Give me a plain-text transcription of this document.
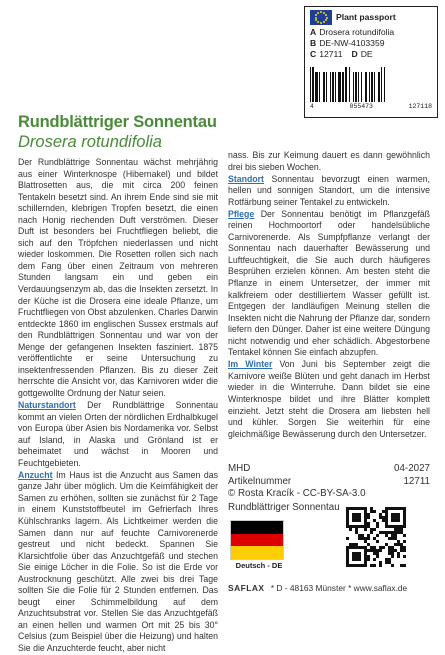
Plant passport
A Drosera rotundifolia
B DE-NW-4103359
C 12711 D DE
4	055473	127118
Rundblättriger Sonnentau
Drosera rotundifolia

Der Rundblättrige Sonnentau wächst mehrjährig aus einer Winterknospe (Hibernakel) und bildet Blattrosetten aus, die mit circa 200 feinen Tentakeln besetzt sind. An ihrem Ende sind sie mit schillernden, klebrigen Tropfen besetzt, die einen nach Honig riechenden Duft verströmen. Dieser Duft ist besonders bei Fruchtfliegen beliebt, die sich auf den Tröpfchen niederlassen und nicht wieder loskommen. Die Rosetten rollen sich nach dem Fang über einen Zeitraum von mehreren Stunden langsam ein und geben ein Verdauungsenzym ab, das die Insekten zersetzt. In der Küche ist die Drosera eine ideale Pflanze, um Fruchtfliegen von Obst abzulenken. Charles Darwin entdeckte 1860 im englischen Sussex erstmals auf den Rundblättrigen Sonnentau und war von der Menge der gefangenen Insekten fasziniert. 1875 veröffentlichte er seine Untersuchung zu insektenfressenden Pflanzen. Bis zu dieser Zeit herrschte die Ansicht vor, das Karnivoren wider die gottgewollte Ordnung der Natur seien.

Naturstandort Der Rundblättrige Sonnentau kommt an vielen Orten der nördlichen Erdhalbkugel von Europa über Asien bis Nordamerika vor. Selbst auf Island, in Alaska und Grönland ist er beheimatet und wächst in Mooren und Feuchtgebieten.

Anzucht Im Haus ist die Anzucht aus Samen das ganze Jahr über möglich. Um die Keimfähigkeit der Samen zu erhöhen, sollten sie zunächst für 2 Tage in einem Kunststoffbeutel im Gefrierfach Ihres Kühlschranks lagern. Als Lichtkeimer werden die Samen dann nur auf feuchte Carnivorenerde gestreut und nicht bedeckt. Spannen Sie Klarsichtfolie über das Anzuchtgefäß und stechen Sie einige Löcher in die Folie. So ist die Erde vor Austrocknung geschützt. Alle zwei bis drei Tage sollten Sie die Folie für 2 Stunden entfernen. Das beugt einer Schimmelbildung auf dem Anzuchtsubstrat vor. Stellen Sie das Anzuchtgefäß an einen hellen und warmen Ort mit 25 bis 30° Celsius (zum Beispiel über die Heizung) und halten Sie die Anzuchterde feucht, aber nicht

nass. Bis zur Keimung dauert es dann gewöhnlich drei bis sieben Wochen.

Standort Sonnentau bevorzugt einen warmen, hellen und sonnigen Standort, um die intensive Rotfärbung seiner Tentakel zu entwickeln.

Pflege Der Sonnentau benötigt im Pflanzgefäß reinen Hochmoortorf oder handelsübliche Carnivorenerde. Als Sumpfpflanze verlangt der Sonnentau nach dauerhafter Bewässerung und Luftfeuchtigkeit, die Sie auch durch häufigeres Besprühen erzielen können. Am besten steht die Pflanze in einem Untersetzer, der immer mit kalkfreiem oder destilliertem Wasser gefüllt ist. Entgegen der landläufigen Meinung stellen die Insekten nicht die Nahrung der Pflanze dar, sondern liefern den Dünger. Daher ist eine weitere Düngung nicht notwendig und eher schädlich. Abgestorbene Tentakel können Sie einfach abzupfen.

Im Winter Von Juni bis September zeigt die Karnivore weiße Blüten und geht danach im Herbst wieder in die Winterruhe. Dann bildet sie eine Winterknospe bildet und ihre Blätter komplett einzieht. Jetzt steht die Drosera am liebsten hell und kühler. Sorgen Sie weiterhin für eine gleichmäßige Bewässerung durch den Untersetzer.

MHD	04-2027
Artikelnummer	12711
© Rosta Kracík - CC-BY-SA-3.0
Rundblättriger Sonnentau
Deutsch - DE
SAFLAX * D - 48163 Münster * www.saflax.de
